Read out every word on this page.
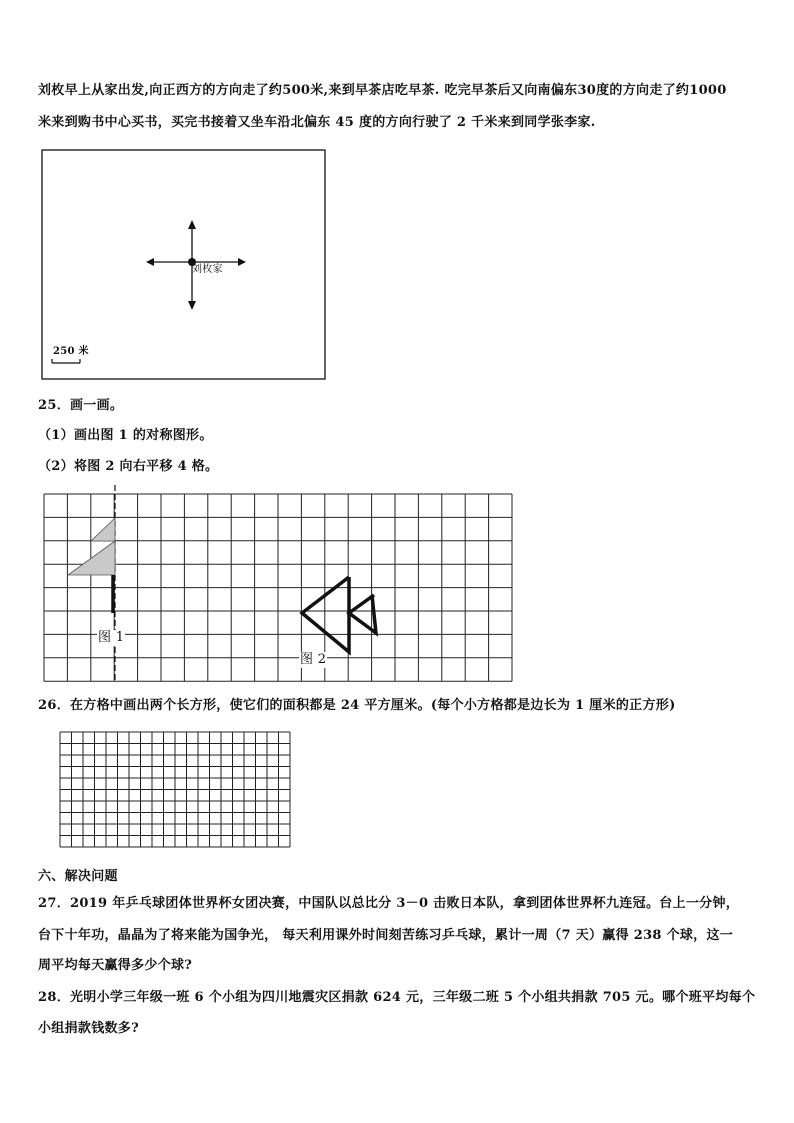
刘枚早上从家出发,向正西方的方向走了约500米,来到早茶店吃早茶. 吃完早茶后又向南偏东30度的方向走了约1000
米来到购书中心买书，买完书接着又坐车沿北偏东 45 度的方向行驶了 2 千米来到同学张李家.
刘枚家
250 米
25．画一画。
（1）画出图 1 的对称图形。
（2）将图 2 向右平移 4 格。
图 1
图 2
26．在方格中画出两个长方形，使它们的面积都是 24 平方厘米。(每个小方格都是边长为 1 厘米的正方形)
六、解决问题
27．2019 年乒乓球团体世界杯女团决赛，中国队以总比分 3－0 击败日本队，拿到团体世界杯九连冠。台上一分钟，
台下十年功，晶晶为了将来能为国争光， 每天利用课外时间刻苦练习乒乓球，累计一周（7 天）赢得 238 个球，这一
周平均每天赢得多少个球?
28．光明小学三年级一班 6 个小组为四川地震灾区捐款 624 元，三年级二班 5 个小组共捐款 705 元。哪个班平均每个
小组捐款钱数多?
